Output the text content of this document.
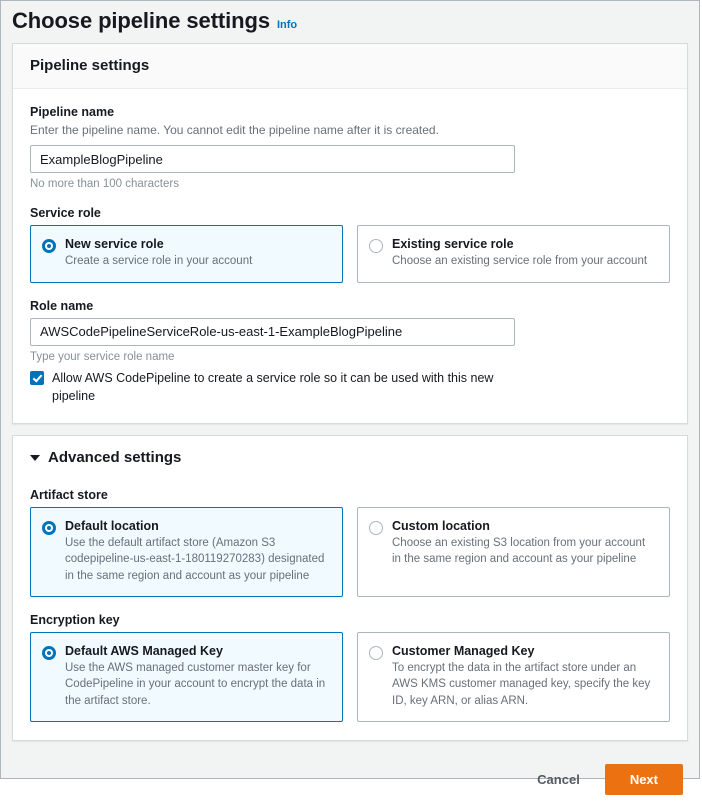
Choose pipeline settings Info
Pipeline settings
Pipeline name
Enter the pipeline name. You cannot edit the pipeline name after it is created.
ExampleBlogPipeline
No more than 100 characters
Service role
New service role
Create a service role in your account
Existing service role
Choose an existing service role from your account
Role name
AWSCodePipelineServiceRole-us-east-1-ExampleBlogPipeline
Type your service role name
Allow AWS CodePipeline to create a service role so it can be used with this new pipeline
Advanced settings
Artifact store
Default location
Use the default artifact store (Amazon S3 codepipeline-us-east-1-180119270283) designated in the same region and account as your pipeline
Custom location
Choose an existing S3 location from your account in the same region and account as your pipeline
Encryption key
Default AWS Managed Key
Use the AWS managed customer master key for CodePipeline in your account to encrypt the data in the artifact store.
Customer Managed Key
To encrypt the data in the artifact store under an AWS KMS customer managed key, specify the key ID, key ARN, or alias ARN.
Cancel	Next
